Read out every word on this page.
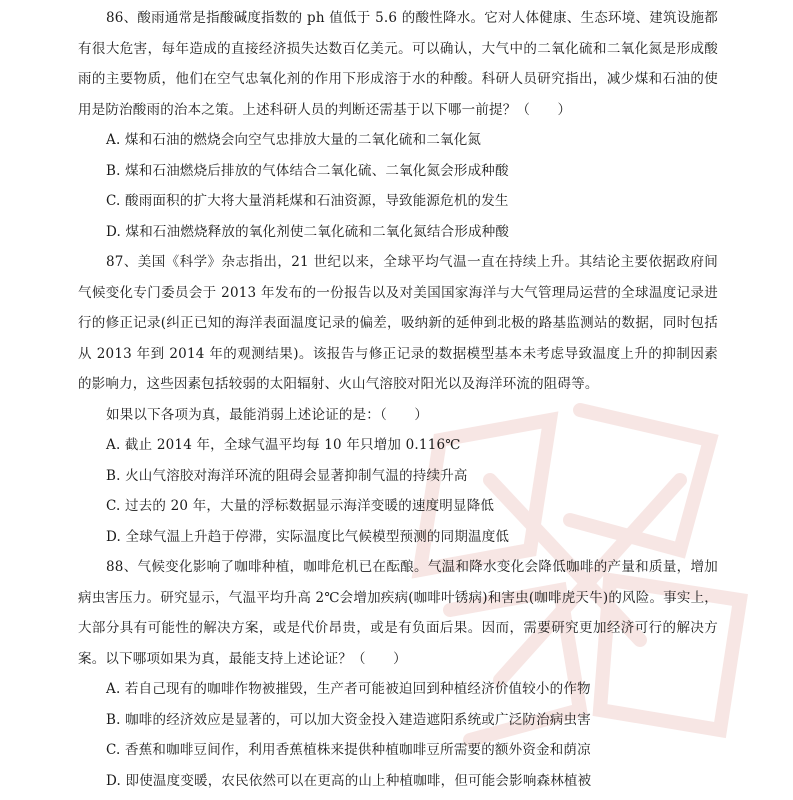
86、酸雨通常是指酸碱度指数的 ph 值低于 5.6 的酸性降水。它对人体健康、生态环境、建筑设施都有很大危害，每年造成的直接经济损失达数百亿美元。可以确认，大气中的二氧化硫和二氧化氮是形成酸雨的主要物质，他们在空气忠氧化剂的作用下形成溶于水的种酸。科研人员研究指出，减少煤和石油的使用是防治酸雨的治本之策。上述科研人员的判断还需基于以下哪一前提？（　　）

A. 煤和石油的燃烧会向空气忠排放大量的二氧化硫和二氧化氮

B. 煤和石油燃烧后排放的气体结合二氧化硫、二氧化氮会形成种酸

C. 酸雨面积的扩大将大量消耗煤和石油资源，导致能源危机的发生

D. 煤和石油燃烧释放的氧化剂使二氧化硫和二氧化氮结合形成种酸

87、美国《科学》杂志指出，21 世纪以来，全球平均气温一直在持续上升。其结论主要依据政府间气候变化专门委员会于 2013 年发布的一份报告以及对美国国家海洋与大气管理局运营的全球温度记录进行的修正记录(纠正已知的海洋表面温度记录的偏差，吸纳新的延伸到北极的路基监测站的数据，同时包括从 2013 年到 2014 年的观测结果)。该报告与修正记录的数据模型基本未考虑导致温度上升的抑制因素的影响力，这些因素包括较弱的太阳辐射、火山气溶胶对阳光以及海洋环流的阻碍等。

如果以下各项为真，最能消弱上述论证的是：（　　）

A. 截止 2014 年，全球气温平均每 10 年只增加 0.116℃

B. 火山气溶胶对海洋环流的阻碍会显著抑制气温的持续升高

C. 过去的 20 年，大量的浮标数据显示海洋变暖的速度明显降低

D. 全球气温上升趋于停滞，实际温度比气候模型预测的同期温度低

88、气候变化影响了咖啡种植，咖啡危机已在酝酿。气温和降水变化会降低咖啡的产量和质量，增加病虫害压力。研究显示，气温平均升高 2℃会增加疾病(咖啡叶锈病)和害虫(咖啡虎天牛)的风险。事实上，大部分具有可能性的解决方案，或是代价昂贵，或是有负面后果。因而，需要研究更加经济可行的解决方案。以下哪项如果为真，最能支持上述论证？（　　）

A. 若自己现有的咖啡作物被摧毁，生产者可能被迫回到种植经济价值较小的作物

B. 咖啡的经济效应是显著的，可以加大资金投入建造遮阳系统或广泛防治病虫害

C. 香蕉和咖啡豆间作，利用香蕉植株来提供种植咖啡豆所需要的额外资金和荫凉

D. 即使温度变暖，农民依然可以在更高的山上种植咖啡，但可能会影响森林植被
